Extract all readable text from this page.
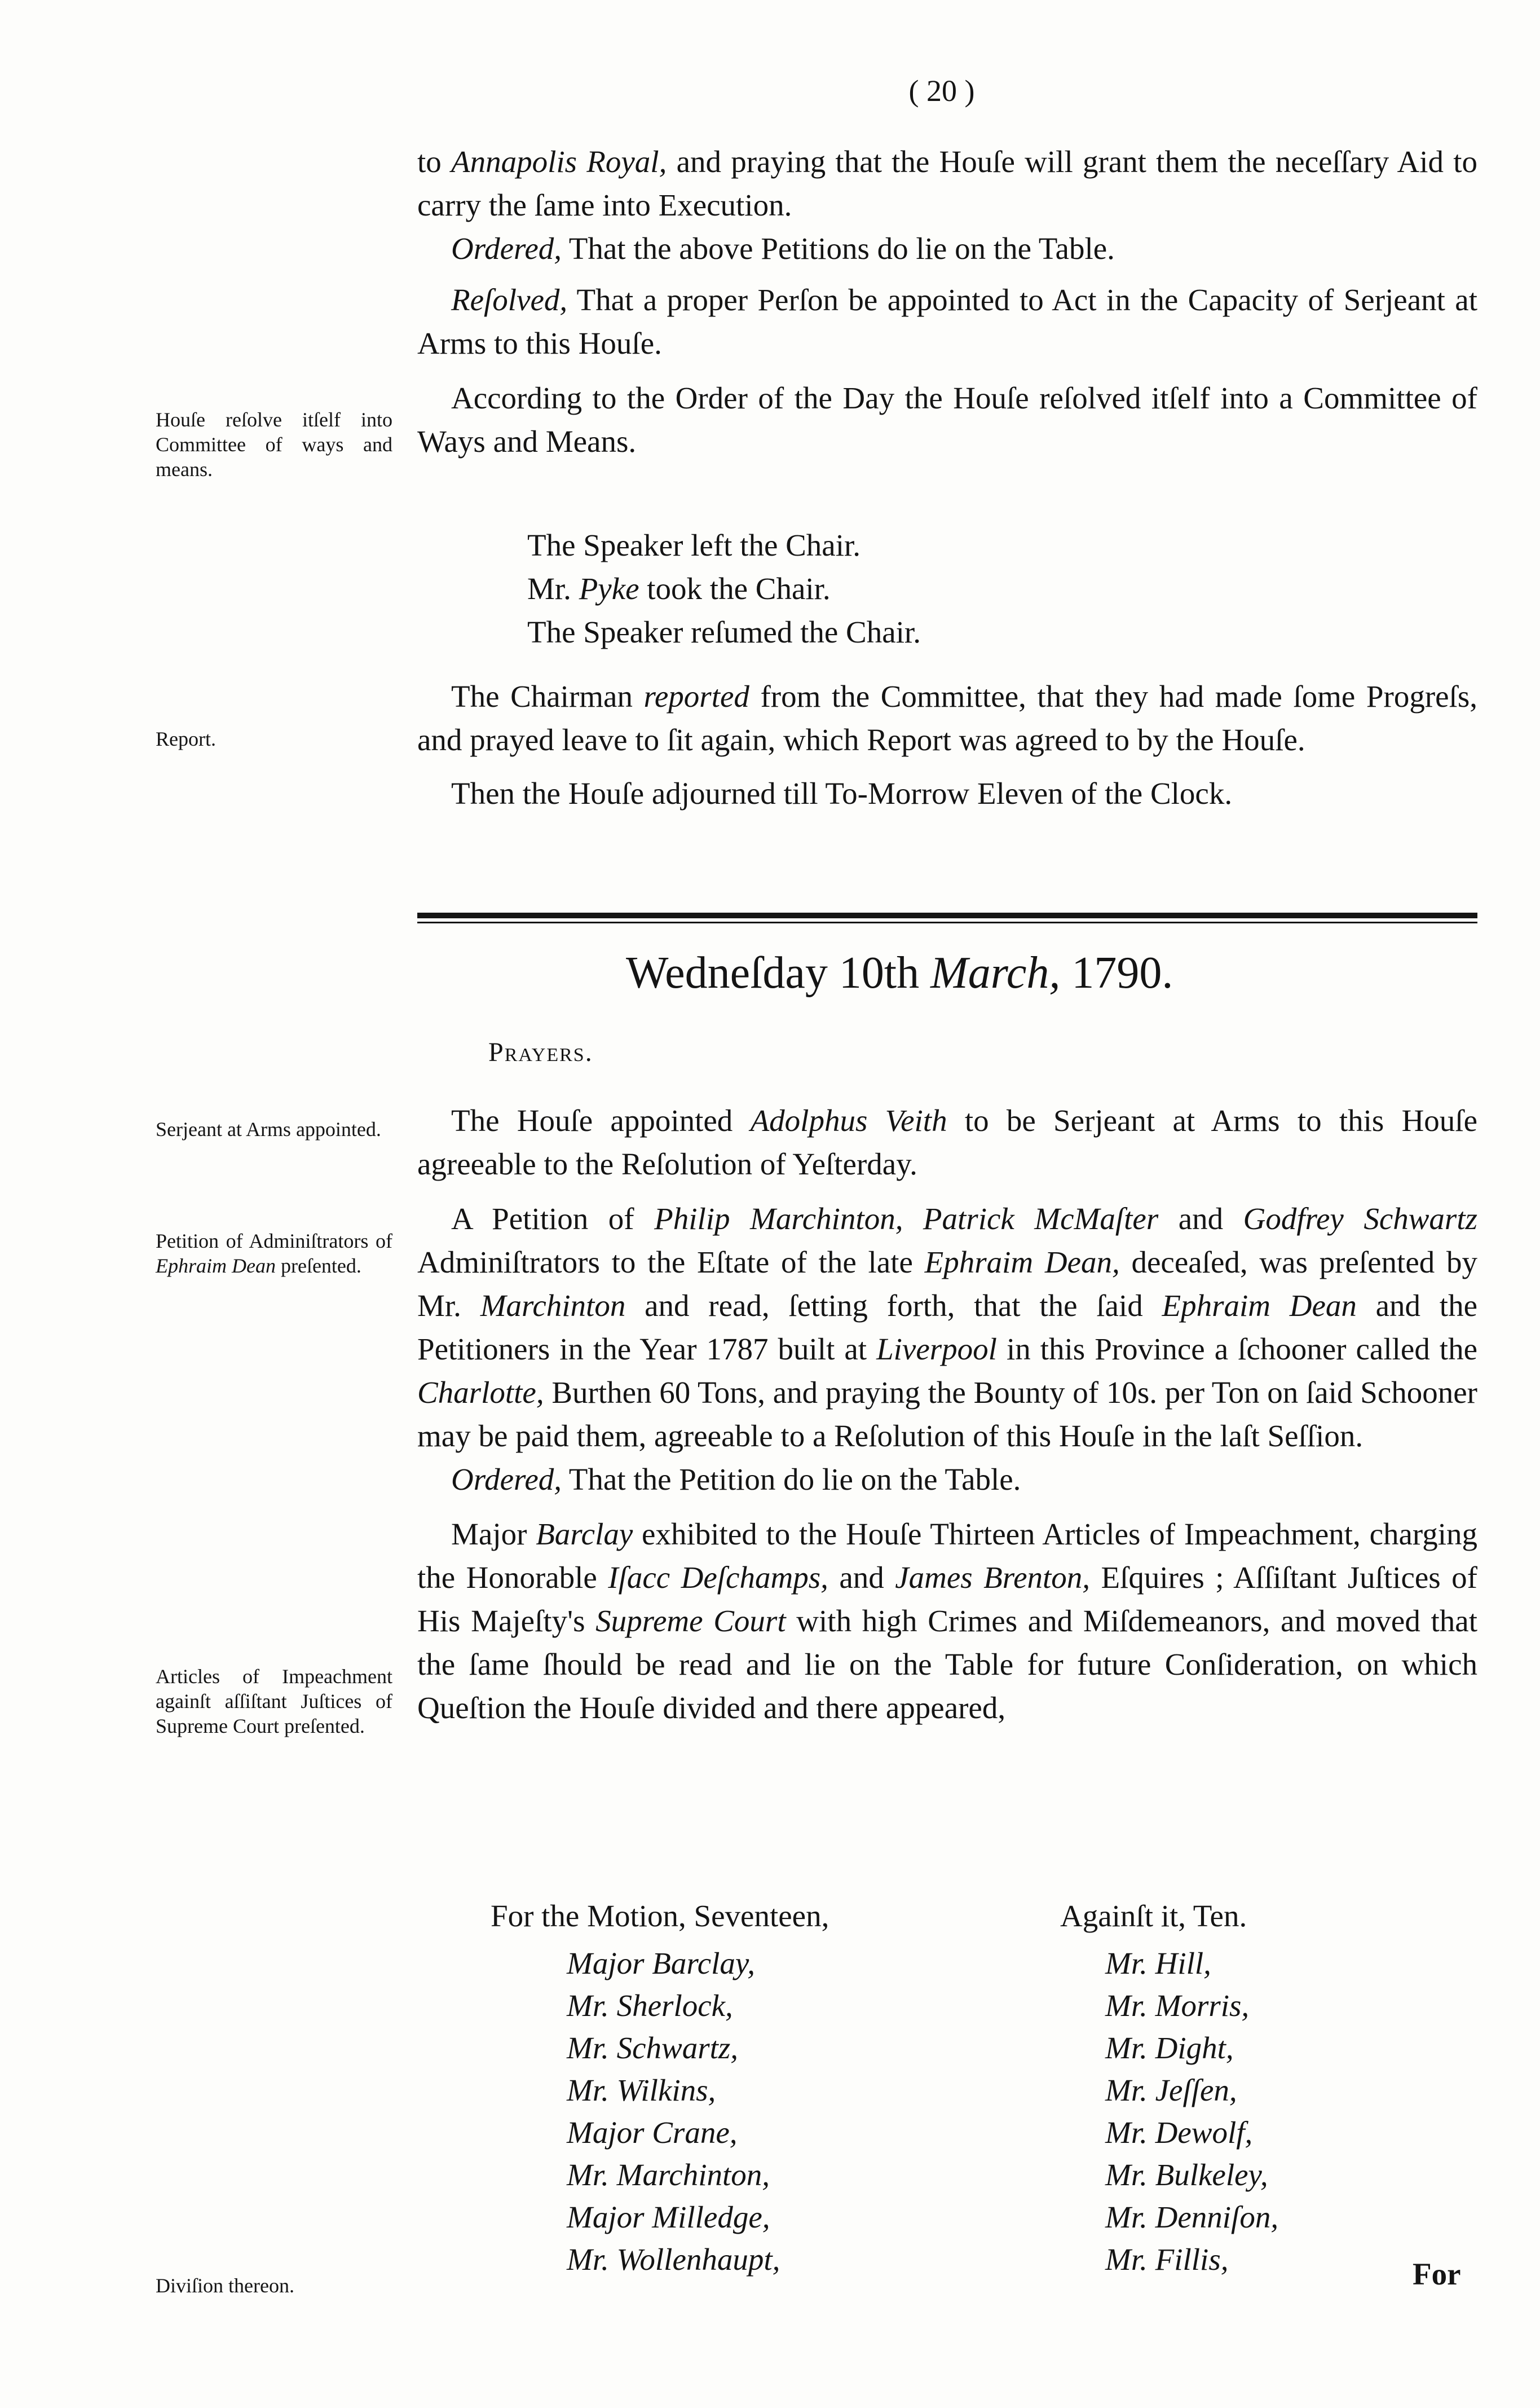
( 20 )

to Annapolis Royal, and praying that the Houſe will grant them the neceſſary Aid to carry the ſame into Execution.

Ordered, That the above Petitions do lie on the Table.

Reſolved, That a proper Perſon be appointed to Act in the Capacity of Serjeant at Arms to this Houſe.

According to the Order of the Day the Houſe reſolved itſelf into a Committee of Ways and Means.

The Speaker left the Chair.
Mr. Pyke took the Chair.
The Speaker reſumed the Chair.

The Chairman reported from the Committee, that they had made ſome Progreſs, and prayed leave to ſit again, which Report was agreed to by the Houſe.

Then the Houſe adjourned till To-Morrow Eleven of the Clock.

Wedneſday 10th March, 1790.
Prayers.

The Houſe appointed Adolphus Veith to be Serjeant at Arms to this Houſe agreeable to the Reſolution of Yeſterday.

A Petition of Philip Marchinton, Patrick McMaſter and Godfrey Schwartz Adminiſtrators to the Eſtate of the late Ephraim Dean, deceaſed, was preſented by Mr. Marchinton and read, ſetting forth, that the ſaid Ephraim Dean and the Petitioners in the Year 1787 built at Liverpool in this Province a ſchooner called the Charlotte, Burthen 60 Tons, and praying the Bounty of 10s. per Ton on ſaid Schooner may be paid them, agreeable to a Reſolution of this Houſe in the laſt Seſſion.

Ordered, That the Petition do lie on the Table.

Major Barclay exhibited to the Houſe Thirteen Articles of Impeachment, charging the Honorable Iſacc Deſchamps, and James Brenton, Eſquires ; Aſſiſtant Juſtices of His Majeſty's Supreme Court with high Crimes and Miſdemeanors, and moved that the ſame ſhould be read and lie on the Table for future Conſideration, on which Queſtion the Houſe divided and there appeared,

For the Motion, Seventeen,	Againſt it, Ten.
Major Barclay,
Mr. Sherlock,
Mr. Schwartz,
Mr. Wilkins,
Major Crane,
Mr. Marchinton,
Major Milledge,
Mr. Wollenhaupt,
Mr. Hill,
Mr. Morris,
Mr. Dight,
Mr. Jeſſen,
Mr. Dewolf,
Mr. Bulkeley,
Mr. Denniſon,
Mr. Fillis,
Houſe reſolve itſelf into Committee of ways and means.
Report.
Serjeant at Arms appointed.
Petition of Adminiſtrators of Ephraim Dean preſented.
Articles of Impeachment againſt aſſiſtant Juſtices of Supreme Court preſented.
Diviſion thereon.	For
